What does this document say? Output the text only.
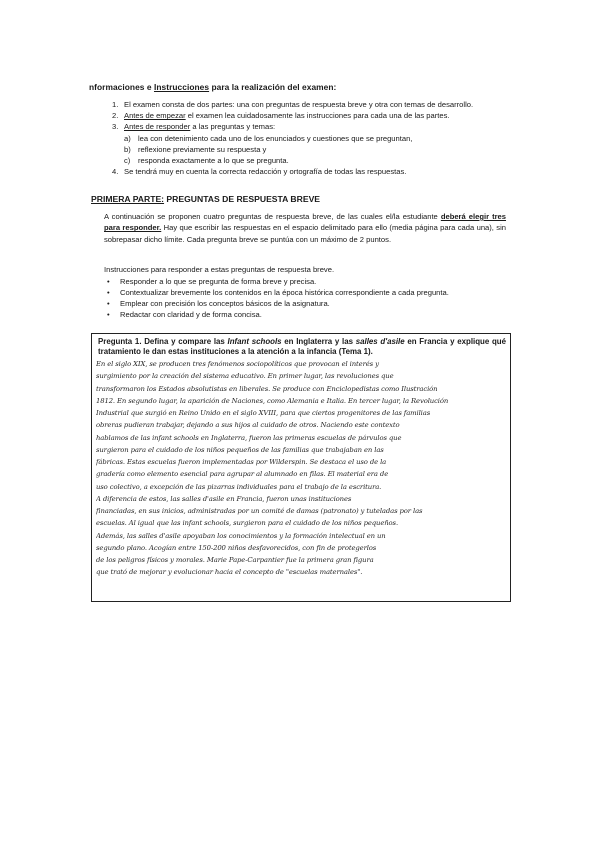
nformaciones e Instrucciones para la realización del examen:
1. El examen consta de dos partes: una con preguntas de respuesta breve y otra con temas de desarrollo.
2. Antes de empezar el examen lea cuidadosamente las instrucciones para cada una de las partes.
3. Antes de responder a las preguntas y temas:
a) lea con detenimiento cada uno de los enunciados y cuestiones que se preguntan,
b) reflexione previamente su respuesta y
c)	responda exactamente a lo que se pregunta.
4. Se tendrá muy en cuenta la correcta redacción y ortografía de todas las respuestas.
PRIMERA PARTE: PREGUNTAS DE RESPUESTA BREVE
A continuación se proponen cuatro preguntas de respuesta breve, de las cuales el/la estudiante deberá elegir tres para responder. Hay que escribir las respuestas en el espacio delimitado para ello (media página para cada una), sin sobrepasar dicho límite. Cada pregunta breve se puntúa con un máximo de 2 puntos.
Instrucciones para responder a estas preguntas de respuesta breve.
•	Responder a lo que se pregunta de forma breve y precisa.
•	Contextualizar brevemente los contenidos en la época histórica correspondiente a cada pregunta.
•	Emplear con precisión los conceptos básicos de la asignatura.
•	Redactar con claridad y de forma concisa.
Pregunta 1. Defina y compare las Infant schools en Inglaterra y las salles d'asile en Francia y explique qué tratamiento le dan estas instituciones a la atención a la infancia (Tema 1).
En el siglo XIX, se producen tres fenómenos sociopolíticos que provocan el interés y
surgimiento por la creación del sistema educativo. En primer lugar, las revoluciones que
transformaron los Estados absolutistas en liberales. Se produce con Enciclopedistas como Ilustración
1812. En segundo lugar, la aparición de Naciones, como Alemania e Italia. En tercer lugar, la Revolución
Industrial que surgió en Reino Unido en el siglo XVIII, para que ciertos progenitores de las familias
obreras pudieran trabajar, dejando a sus hijos al cuidado de otros. Naciendo este contexto
hablamos de las infant schools en Inglaterra, fueron las primeras escuelas de párvulos que
surgieron para el cuidado de los niños pequeños de las familias que trabajaban en las
fábricas. Estas escuelas fueron implementadas por Wilderspin. Se destaca el uso de la
gradería como elemento esencial para agrupar al alumnado en filas. El material era de
uso colectivo, a excepción de las pizarras individuales para el trabajo de la escritura.
A diferencia de estos, las salles d'asile en Francia, fueron unas instituciones
financiadas, en sus inicios, administradas por un comité de damas (patronato) y tuteladas por las
escuelas. Al igual que las infant schools, surgieron para el cuidado de los niños pequeños.
Además, las salles d'asile apoyaban los conocimientos y la formación intelectual en un
segundo plano. Acogían entre 150-200 niños desfavorecidos, con fin de protegerlos
de los peligros físicos y morales. Marie Pape-Carpantier fue la primera gran figura
que trató de mejorar y evolucionar hacia el concepto de "escuelas maternales".
